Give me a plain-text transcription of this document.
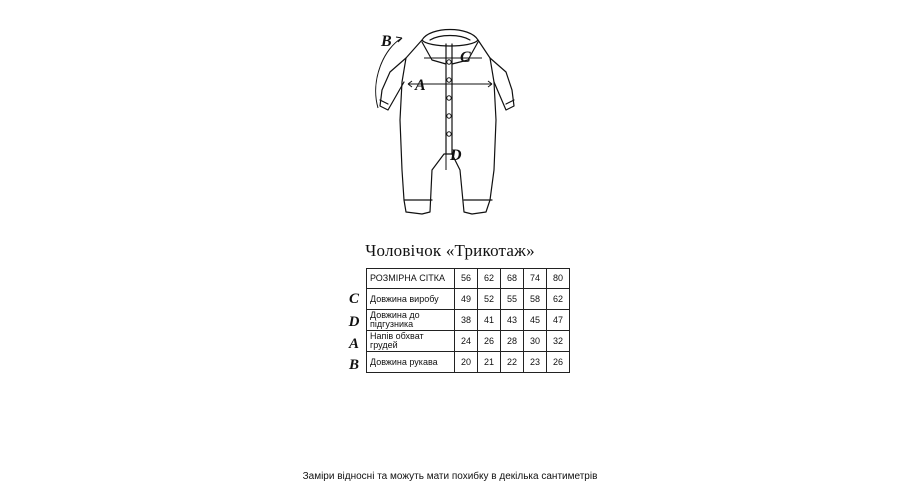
B
C
A
D
Чоловічок «Трикотаж»
РОЗМІРНА СІТКА	56	62	68	74	80
Довжина виробу	49	52	55	58	62
Довжина до підгузника	38	41	43	45	47
Напів обхват грудей	24	26	28	30	32
Довжина рукава	20	21	22	23	26
C
D
A
B
Заміри відносні та можуть мати похибку в декілька сантиметрів
